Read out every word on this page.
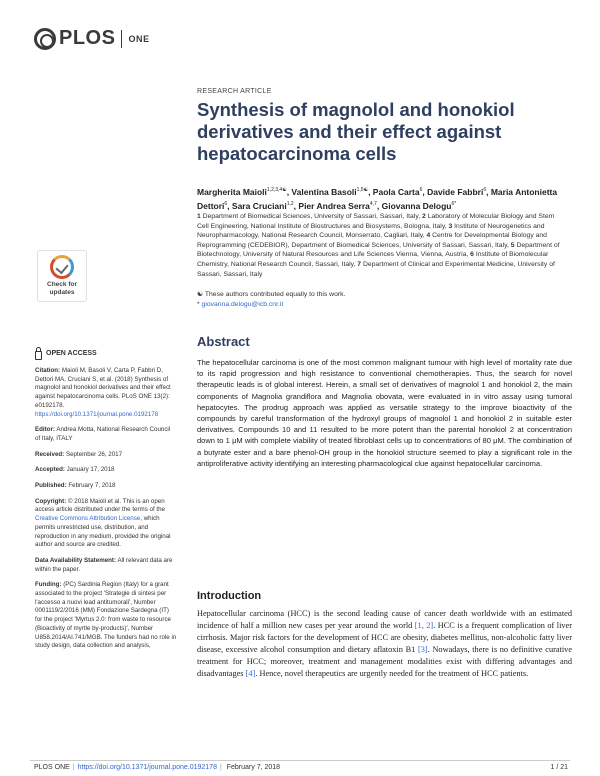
PLOS ONE
RESEARCH ARTICLE
Synthesis of magnolol and honokiol derivatives and their effect against hepatocarcinoma cells
Margherita Maioli$^{1,2,3,4☯}$, Valentina Basoli$^{1,5☯}$, Paola Carta$^6$, Davide Fabbri$^6$, Maria Antonietta Dettori$^6$, Sara Cruciani$^{1,2}$, Pier Andrea Serra$^{4,7}$, Giovanna Delogu$^{6*}$
1 Department of Biomedical Sciences, University of Sassari, Sassari, Italy, 2 Laboratory of Molecular Biology and Stem Cell Engineering, National Institute of Biostructures and Biosystems, Bologna, Italy, 3 Institute of Neurogenetics and Neuropharmacology, National Research Council, Monserrato, Cagliari, Italy, 4 Centre for Developmental Biology and Reprogramming (CEDEBIOR), Department of Biomedical Sciences, University of Sassari, Sassari, Italy, 5 Department of Biotechnology, University of Natural Resources and Life Sciences Vienna, Vienna, Austria, 6 Institute of Biomolecular Chemistry, National Research Council, Sassari, Italy, 7 Department of Clinical and Experimental Medicine, University of Sassari, Sassari, Italy
☯ These authors contributed equally to this work.
* giovanna.delogu@icb.cnr.it
Check for
updates
OPEN ACCESS
Citation: Maioli M, Basoli V, Carta P, Fabbri D, Dettori MA, Cruciani S, et al. (2018) Synthesis of magnolol and honokiol derivatives and their effect against hepatocarcinoma cells. PLoS ONE 13(2): e0192178. https://doi.org/10.1371/journal.pone.0192178
Editor: Andrea Motta, National Research Council of Italy, ITALY
Received: September 26, 2017
Accepted: January 17, 2018
Published: February 7, 2018
Copyright: © 2018 Maioli et al. This is an open access article distributed under the terms of the Creative Commons Attribution License, which permits unrestricted use, distribution, and reproduction in any medium, provided the original author and source are credited.
Data Availability Statement: All relevant data are within the paper.
Funding: (PC) Sardinia Region (Italy) for a grant associated to the project 'Strategie di sintesi per l'accesso a nuovi lead antitumorali', Number 0001119/2/2016 (MM) Fondazione Sardegna (IT) for the project 'Myrtus 2.0: from waste to resource (Bioactivity of myrtle by-products)', Number U858.2014/AI.741/MGB. The funders had no role in study design, data collection and analysis,
Abstract

The hepatocellular carcinoma is one of the most common malignant tumour with high level of mortality rate due to its rapid progression and high resistance to conventional chemotherapies. Thus, the search for novel therapeutic leads is of global interest. Herein, a small set of derivatives of magnolol 1 and honokiol 2, the main components of Magnolia grandiflora and Magnolia obovata, were evaluated in in vitro assay using tumoral hepatocytes. The prodrug approach was applied as versatile strategy to the improve bioactivity of the compounds by careful transformation of the hydroxyl groups of magnolol 1 and honokiol 2 in suitable ester derivatives. Compounds 10 and 11 resulted to be more potent than the parental honokiol 2 at concentration down to 1 μM with complete viability of treated fibroblast cells up to concentrations of 80 μM. The combination of a butyrate ester and a bare phenol-OH group in the honokiol structure seemed to play a significant role in the antiproliferative activity identifying an interesting pharmacological clue against hepatocellular carcinoma.

Introduction

Hepatocellular carcinoma (HCC) is the second leading cause of cancer death worldwide with an estimated incidence of half a million new cases per year around the world [1, 2]. HCC is a frequent complication of liver cirrhosis. Major risk factors for the development of HCC are obesity, diabetes mellitus, non-alcoholic fatty liver disease, excessive alcohol consumption and dietary aflatoxin B1 [3]. Nowadays, there is no definitive curative treatment for HCC; moreover, treatment and management modalities exist with differing advantages and disadvantages [4]. Hence, novel therapeutics are urgently needed for the treatment of HCC patients.

PLOS ONE | https://doi.org/10.1371/journal.pone.0192178 | February 7, 2018	1 / 21
